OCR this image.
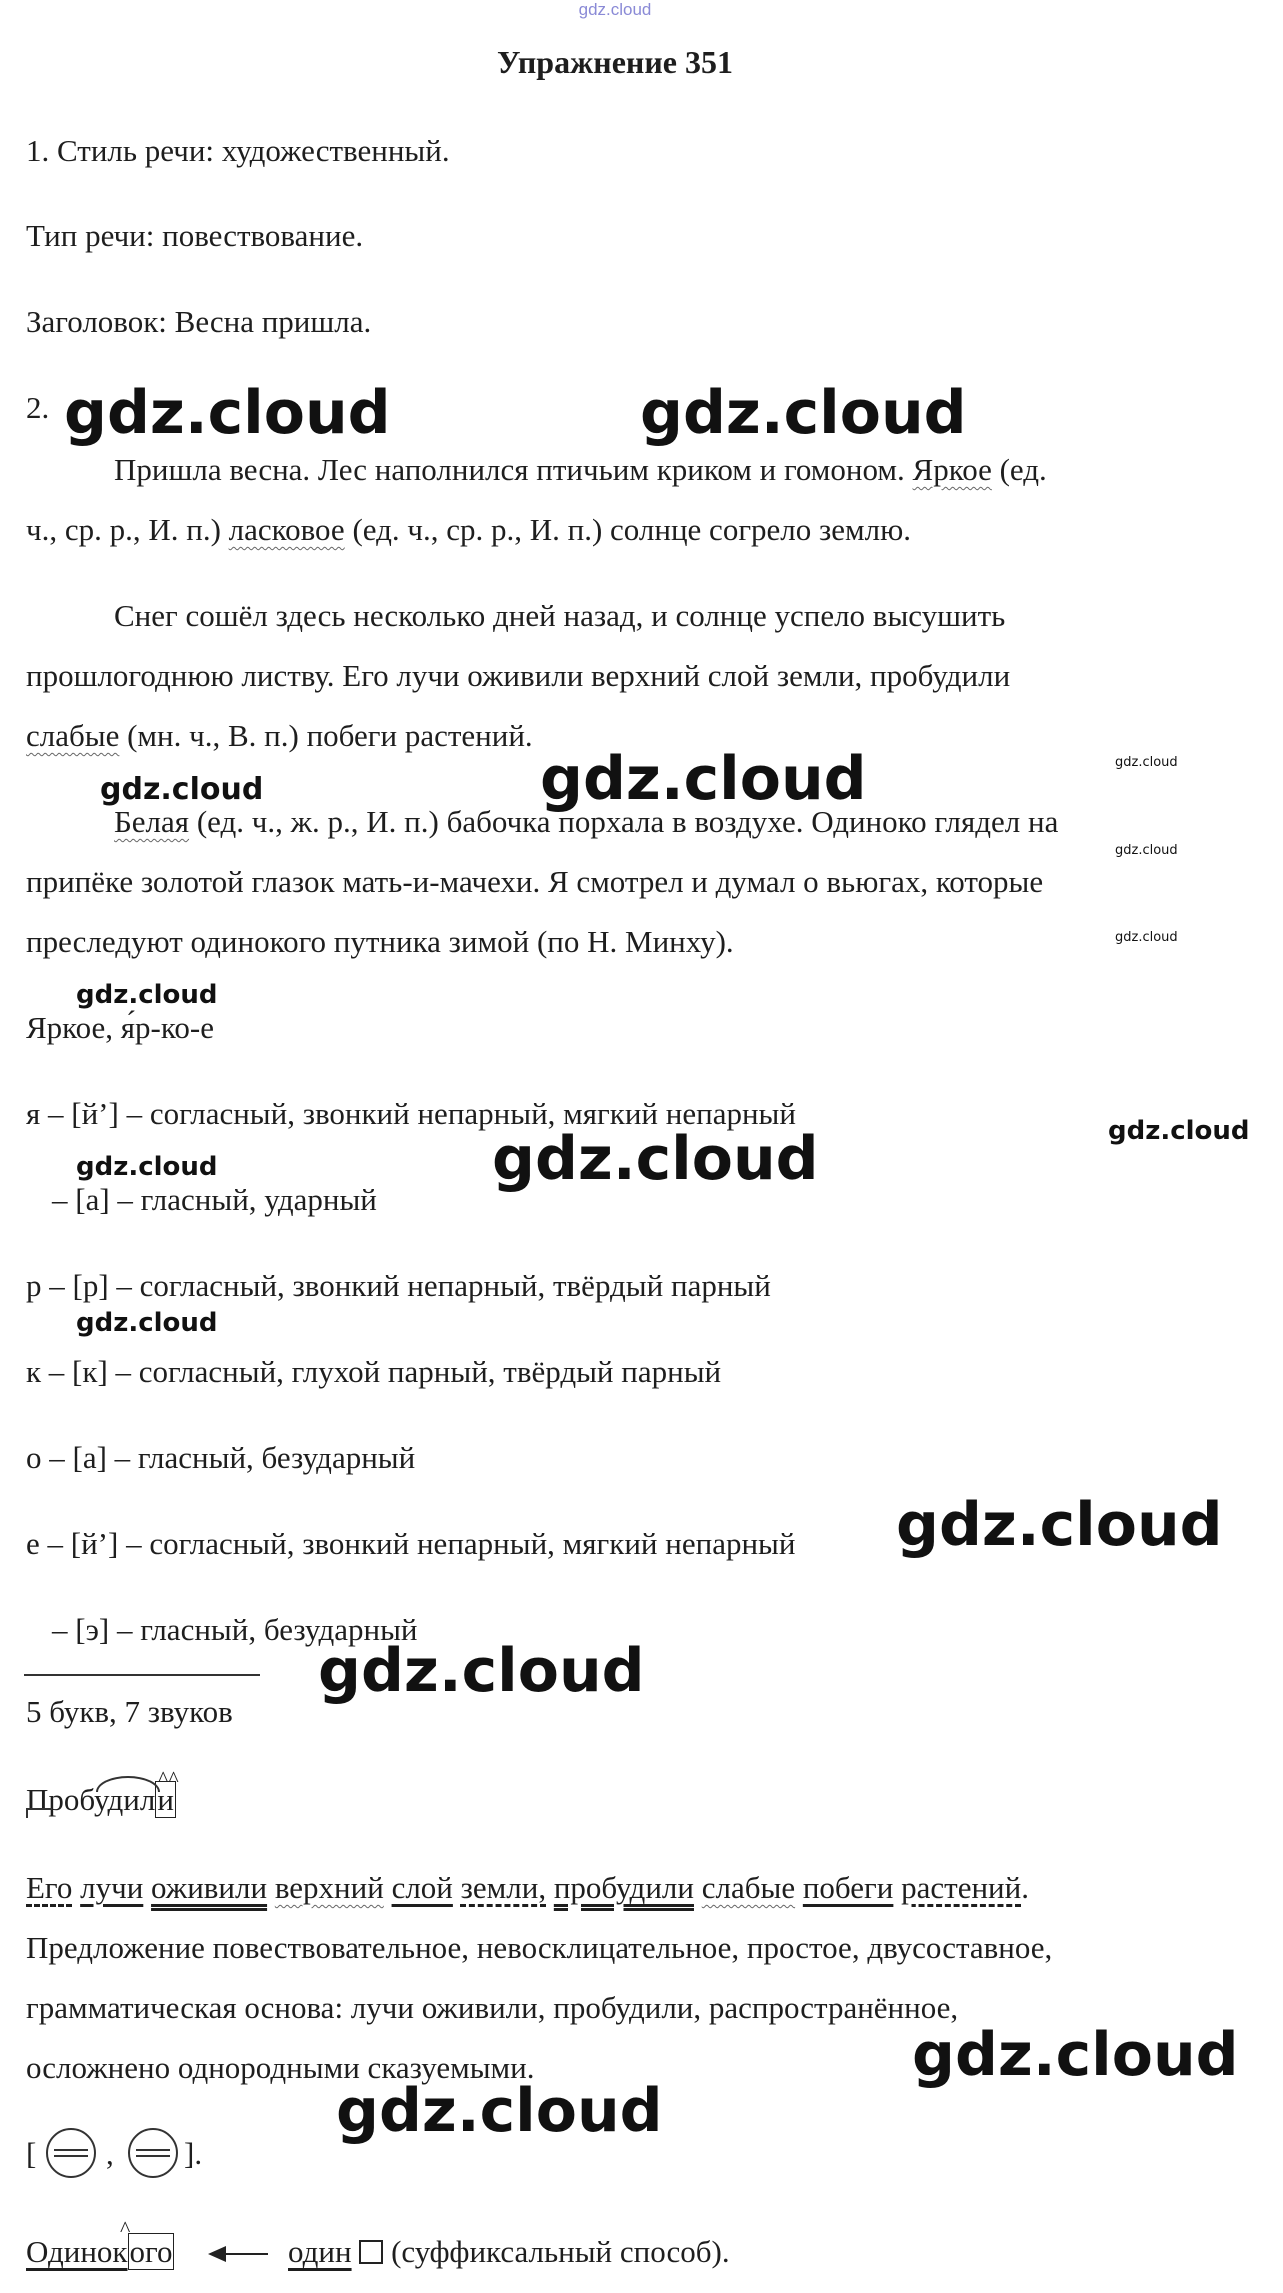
gdz.cloud
Упражнение 351
1. Стиль речи: художественный.
Тип речи: повествование.
Заголовок: Весна пришла.
2.
Пришла весна. Лес наполнился птичьим криком и гомоном. Яркое (ед.
ч., ср. р., И. п.) ласковое (ед. ч., ср. р., И. п.) солнце согрело землю.
Снег сошёл здесь несколько дней назад, и солнце успело высушить
прошлогоднюю листву. Его лучи оживили верхний слой земли, пробудили
слабые (мн. ч., В. п.) побеги растений.
Белая (ед. ч., ж. р., И. п.) бабочка порхала в воздухе. Одиноко глядел на
припёке золотой глазок мать-и-мачехи. Я смотрел и думал о вьюгах, которые
преследуют одинокого путника зимой (по Н. Минху).
Яркое, я́р-ко-е
я – [й’] – согласный, звонкий непарный, мягкий непарный
– [а] – гласный, ударный
р – [р] – согласный, звонкий непарный, твёрдый парный
к – [к] – согласный, глухой парный, твёрдый парный
о – [а] – гласный, безударный
е – [й’] – согласный, звонкий непарный, мягкий непарный
– [э] – гласный, безударный
5 букв, 7 звуков
Пробудили
^^
Его лучи оживили верхний слой земли, пробудили слабые побеги растений.
Предложение повествовательное, невосклицательное, простое, двусоставное,
грамматическая основа: лучи оживили, пробудили, распространённое,
осложнено однородными сказуемыми.
[ , ].
Одинокого
^
один  (суффиксальный способ).
gdz.cloud	gdz.cloud
gdz.cloud
gdz.cloud
gdz.cloud
gdz.cloud
gdz.cloud
gdz.cloud
gdz.cloud	gdz.cloud
gdz.cloud
gdz.cloud
gdz.cloud
gdz.cloud
gdz.cloud
gdz.cloud
